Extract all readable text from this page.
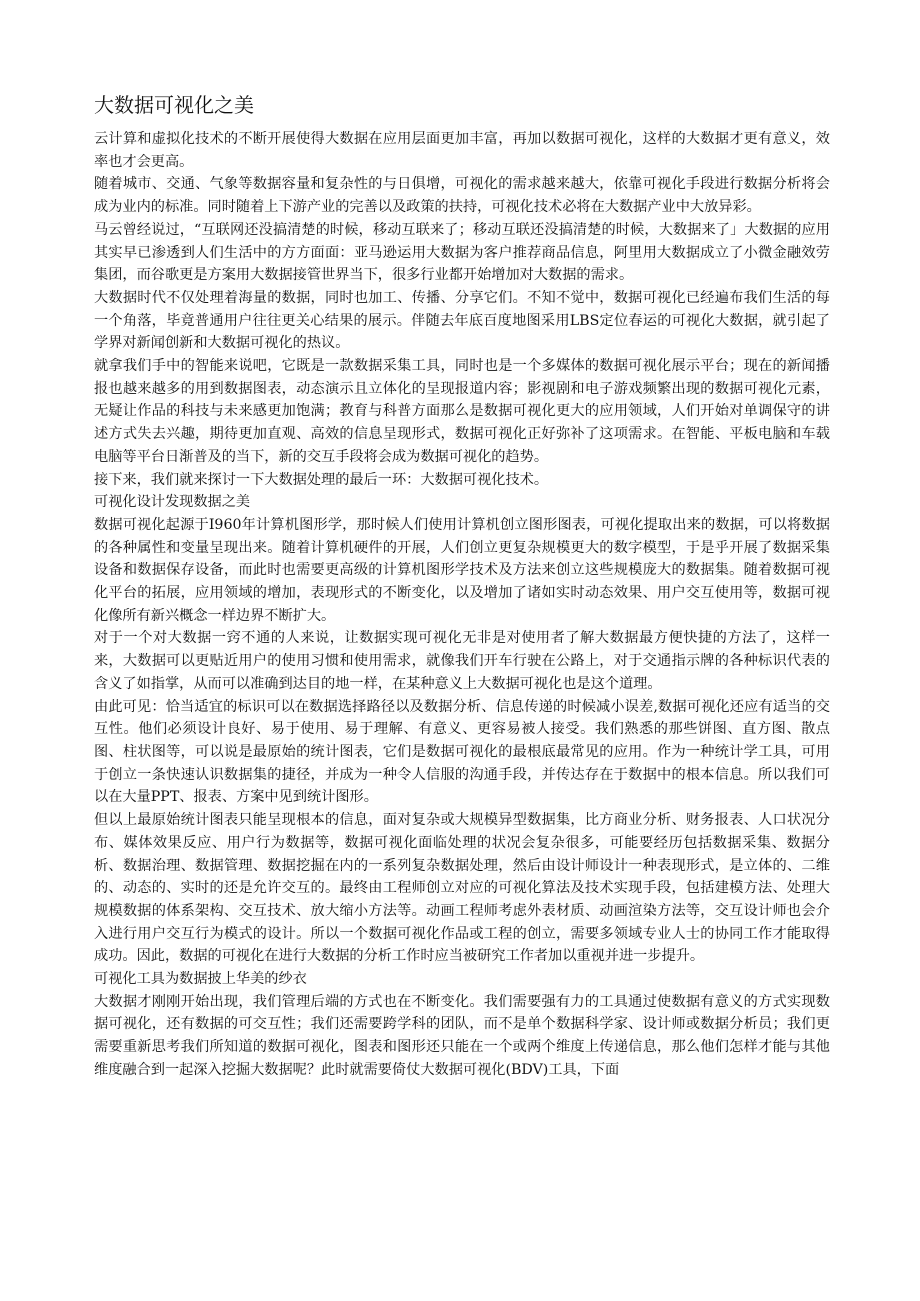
大数据可视化之美

云计算和虚拟化技术的不断开展使得大数据在应用层面更加丰富，再加以数据可视化，这样的大数据才更有意义，效率也才会更高。

随着城市、交通、气象等数据容量和复杂性的与日俱增，可视化的需求越来越大，依靠可视化手段进行数据分析将会成为业内的标准。同时随着上下游产业的完善以及政策的扶持，可视化技术必将在大数据产业中大放异彩。

马云曾经说过，“互联网还没搞清楚的时候，移动互联来了；移动互联还没搞清楚的时候，大数据来了」大数据的应用其实早已渗透到人们生活中的方方面面：亚马逊运用大数据为客户推荐商品信息，阿里用大数据成立了小微金融效劳集团，而谷歌更是方案用大数据接管世界当下，很多行业都开始增加对大数据的需求。

大数据时代不仅处理着海量的数据，同时也加工、传播、分享它们。不知不觉中，数据可视化已经遍布我们生活的每一个角落，毕竟普通用户往往更关心结果的展示。伴随去年底百度地图采用LBS定位春运的可视化大数据，就引起了学界对新闻创新和大数据可视化的热议。

就拿我们手中的智能来说吧，它既是一款数据采集工具，同时也是一个多媒体的数据可视化展示平台；现在的新闻播报也越来越多的用到数据图表，动态演示且立体化的呈现报道内容；影视剧和电子游戏频繁出现的数据可视化元素，无疑让作品的科技与未来感更加饱满；教育与科普方面那么是数据可视化更大的应用领域，人们开始对单调保守的讲述方式失去兴趣，期待更加直观、高效的信息呈现形式，数据可视化正好弥补了这项需求。在智能、平板电脑和车载电脑等平台日渐普及的当下，新的交互手段将会成为数据可视化的趋势。

接下来，我们就来探讨一下大数据处理的最后一环：大数据可视化技术。

可视化设计发现数据之美

数据可视化起源于I960年计算机图形学，那时候人们使用计算机创立图形图表，可视化提取出来的数据，可以将数据的各种属性和变量呈现出来。随着计算机硬件的开展，人们创立更复杂规模更大的数字模型，于是乎开展了数据采集设备和数据保存设备，而此时也需要更高级的计算机图形学技术及方法来创立这些规模庞大的数据集。随着数据可视化平台的拓展，应用领域的增加，表现形式的不断变化，以及增加了诸如实时动态效果、用户交互使用等，数据可视化像所有新兴概念一样边界不断扩大。

对于一个对大数据一窍不通的人来说，让数据实现可视化无非是对使用者了解大数据最方便快捷的方法了，这样一来，大数据可以更贴近用户的使用习惯和使用需求，就像我们开车行驶在公路上，对于交通指示牌的各种标识代表的含义了如指掌，从而可以准确到达目的地一样，在某种意义上大数据可视化也是这个道理。

由此可见：恰当适宜的标识可以在数据选择路径以及数据分析、信息传递的时候减小误差,数据可视化还应有适当的交互性。他们必须设计良好、易于使用、易于理解、有意义、更容易被人接受。我们熟悉的那些饼图、直方图、散点图、柱状图等，可以说是最原始的统计图表，它们是数据可视化的最根底最常见的应用。作为一种统计学工具，可用于创立一条快速认识数据集的捷径，并成为一种令人信服的沟通手段，并传达存在于数据中的根本信息。所以我们可以在大量PPT、报表、方案中见到统计图形。

但以上最原始统计图表只能呈现根本的信息，面对复杂或大规模异型数据集，比方商业分析、财务报表、人口状况分布、媒体效果反应、用户行为数据等，数据可视化面临处理的状况会复杂很多，可能要经历包括数据采集、数据分析、数据治理、数据管理、数据挖掘在内的一系列复杂数据处理，然后由设计师设计一种表现形式，是立体的、二维的、动态的、实时的还是允许交互的。最终由工程师创立对应的可视化算法及技术实现手段，包括建模方法、处理大规模数据的体系架构、交互技术、放大缩小方法等。动画工程师考虑外表材质、动画渲染方法等，交互设计师也会介入进行用户交互行为模式的设计。所以一个数据可视化作品或工程的创立，需要多领域专业人士的协同工作才能取得成功。因此，数据的可视化在进行大数据的分析工作时应当被研究工作者加以重视并进一步提升。

可视化工具为数据披上华美的纱衣

大数据才刚刚开始出现，我们管理后端的方式也在不断变化。我们需要强有力的工具通过使数据有意义的方式实现数据可视化，还有数据的可交互性；我们还需要跨学科的团队，而不是单个数据科学家、设计师或数据分析员；我们更需要重新思考我们所知道的数据可视化，图表和图形还只能在一个或两个维度上传递信息，那么他们怎样才能与其他维度融合到一起深入挖掘大数据呢？此时就需要倚仗大数据可视化(BDV)工具，下面
